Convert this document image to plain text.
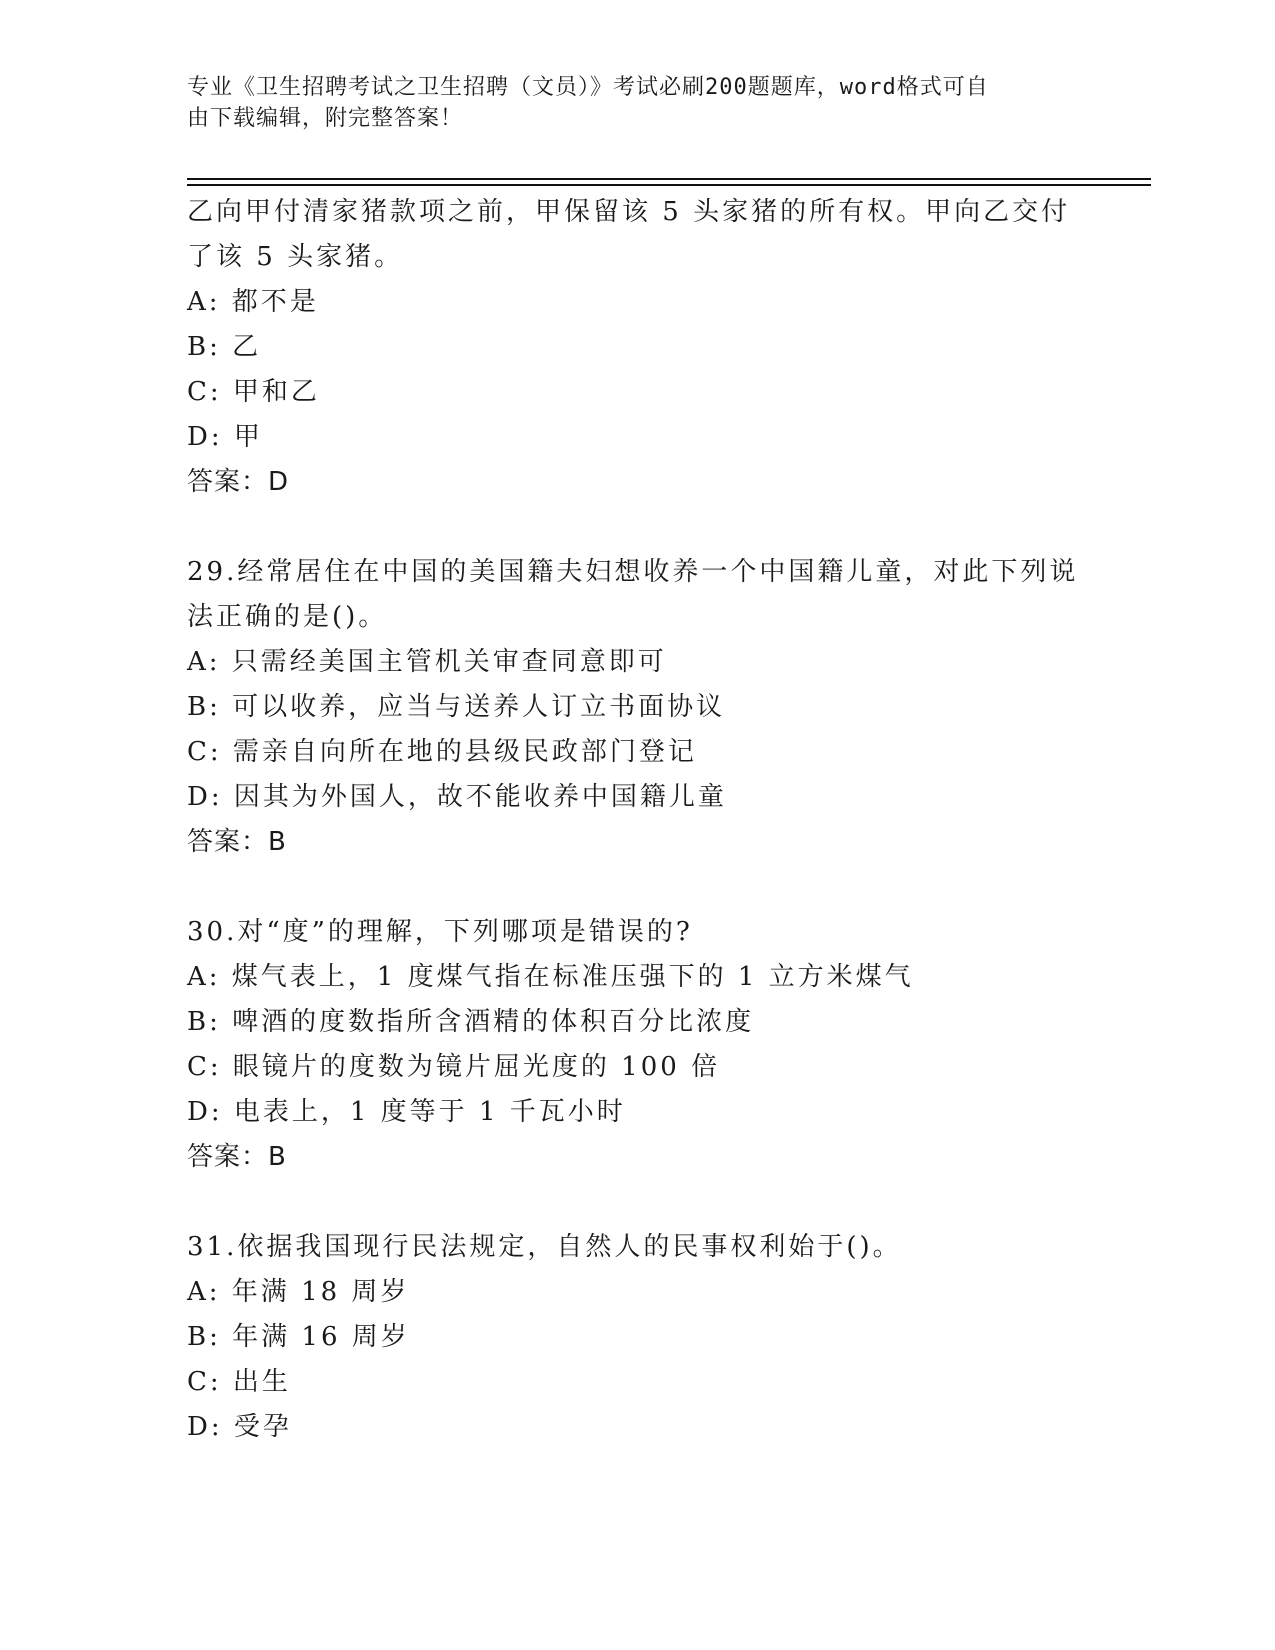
专业《卫生招聘考试之卫生招聘（文员）》考试必刷200题题库，word格式可自
由下载编辑，附完整答案！
乙向甲付清家猪款项之前，甲保留该 5 头家猪的所有权。甲向乙交付
了该 5 头家猪。
A: 都不是
B: 乙
C: 甲和乙
D: 甲
答案：D
29.经常居住在中国的美国籍夫妇想收养一个中国籍儿童，对此下列说
法正确的是()。
A: 只需经美国主管机关审查同意即可
B: 可以收养，应当与送养人订立书面协议
C: 需亲自向所在地的县级民政部门登记
D: 因其为外国人，故不能收养中国籍儿童
答案：B
30.对“度”的理解，下列哪项是错误的?
A: 煤气表上，1 度煤气指在标准压强下的 1 立方米煤气
B: 啤酒的度数指所含酒精的体积百分比浓度
C: 眼镜片的度数为镜片屈光度的 100 倍
D: 电表上，1 度等于 1 千瓦小时
答案：B
31.依据我国现行民法规定，自然人的民事权利始于()。
A: 年满 18 周岁
B: 年满 16 周岁
C: 出生
D: 受孕
